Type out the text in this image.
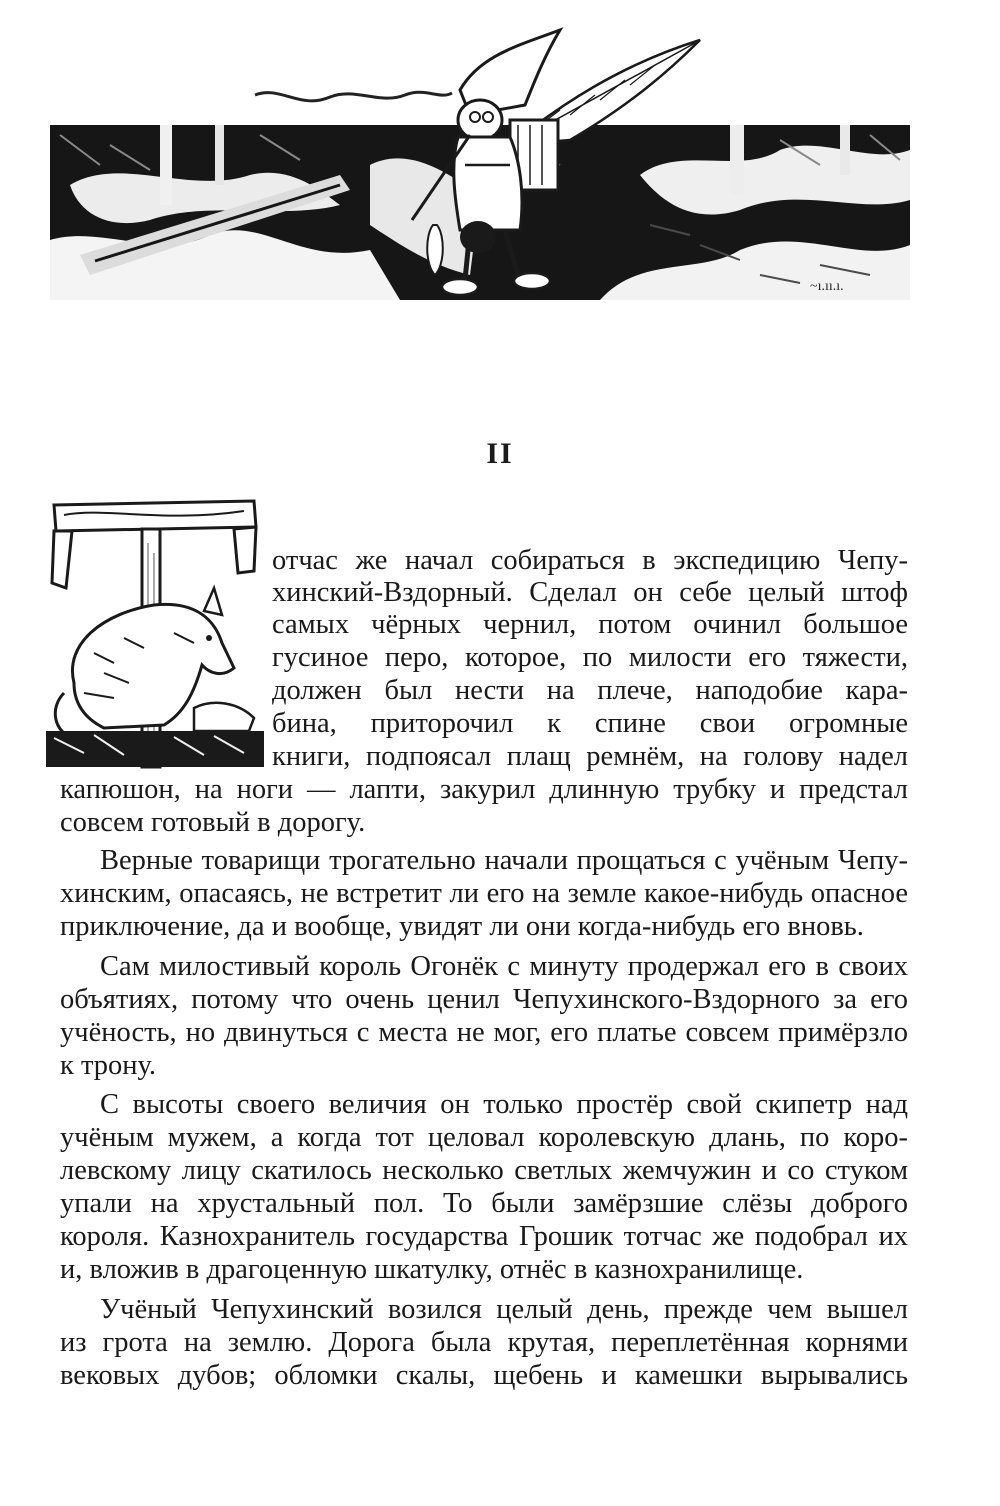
~ı.ıı.ı.
II

отчас же начал собираться в экспедицию Чепу-

хинский-Вздорный. Сделал он себе целый штоф

самых чёрных чернил, потом очинил большое

гусиное перо, которое, по милости его тяжести,

должен был нести на плече, наподобие кара-

бина, приторочил к спине свои огромные

книги, подпоясал плащ ремнём, на голову надел

капюшон, на ноги — лапти, закурил длинную трубку и предстал

совсем готовый в дорогу.

Верные товарищи трогательно начали прощаться с учёным Чепу-

хинским, опасаясь, не встретит ли его на земле какое-нибудь опасное

приключение, да и вообще, увидят ли они когда-нибудь его вновь.

Сам милостивый король Огонёк с минуту продержал его в своих

объятиях, потому что очень ценил Чепухинского-Вздорного за его

учёность, но двинуться с места не мог, его платье совсем примёрзло

к трону.

С высоты своего величия он только простёр свой скипетр над

учёным мужем, а когда тот целовал королевскую длань, по коро-

левскому лицу скатилось несколько светлых жемчужин и со стуком

упали на хрустальный пол. То были замёрзшие слёзы доброго

короля. Казнохранитель государства Грошик тотчас же подобрал их

и, вложив в драгоценную шкатулку, отнёс в казнохранилище.

Учёный Чепухинский возился целый день, прежде чем вышел

из грота на землю. Дорога была крутая, переплетённая корнями

вековых дубов; обломки скалы, щебень и камешки вырывались
